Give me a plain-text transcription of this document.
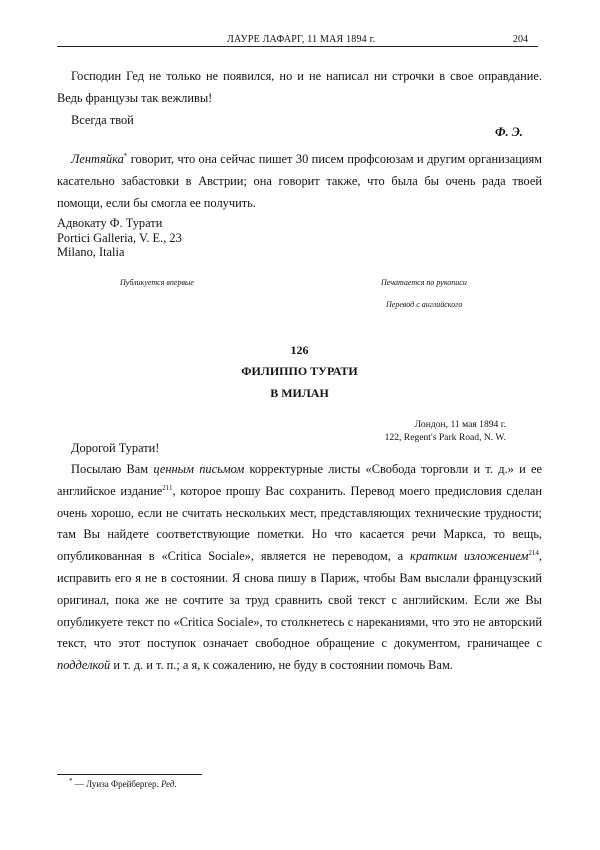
ЛАУРЕ ЛАФАРГ, 11 МАЯ 1894 г.	204
Господин Гед не только не появился, но и не написал ни строчки в свое оправдание. Ведь французы так вежливы!
Всегда твой
Ф. Э.
Лентяйка* говорит, что она сейчас пишет 30 писем профсоюзам и другим организациям касательно забастовки в Австрии; она говорит также, что была бы очень рада твоей помощи, если бы смогла ее получить.
Адвокату Ф. Турати
Portici Galleria, V. E., 23
Milano, Italia
Публикуется впервые	Печатается по рукописи
Перевод с английского
126
ФИЛИППО ТУРАТИ
В МИЛАН
Лондон, 11 мая 1894 г.
122, Regent's Park Road, N. W.
Дорогой Турати!
Посылаю Вам ценным письмом корректурные листы «Свобода торговли и т. д.» и ее английское издание$^{211}$, которое прошу Вас сохранить. Перевод моего предисловия сделан очень хорошо, если не считать нескольких мест, представляющих технические трудности; там Вы найдете соответствующие пометки. Но что касается речи Маркса, то вещь, опубликованная в «Critica Sociale», является не переводом, а кратким изложением$^{214}$, исправить его я не в состоянии. Я снова пишу в Париж, чтобы Вам выслали французский оригинал, пока же не сочтите за труд сравнить свой текст с английским. Если же Вы опубликуете текст по «Critica Sociale», то столкнетесь с нареканиями, что это не авторский текст, что этот поступок означает свободное обращение с документом, граничащее с подделкой и т. д. и т. п.; а я, к сожалению, не буду в состоянии помочь Вам.
* — Луиза Фрейбергер. Ред.
